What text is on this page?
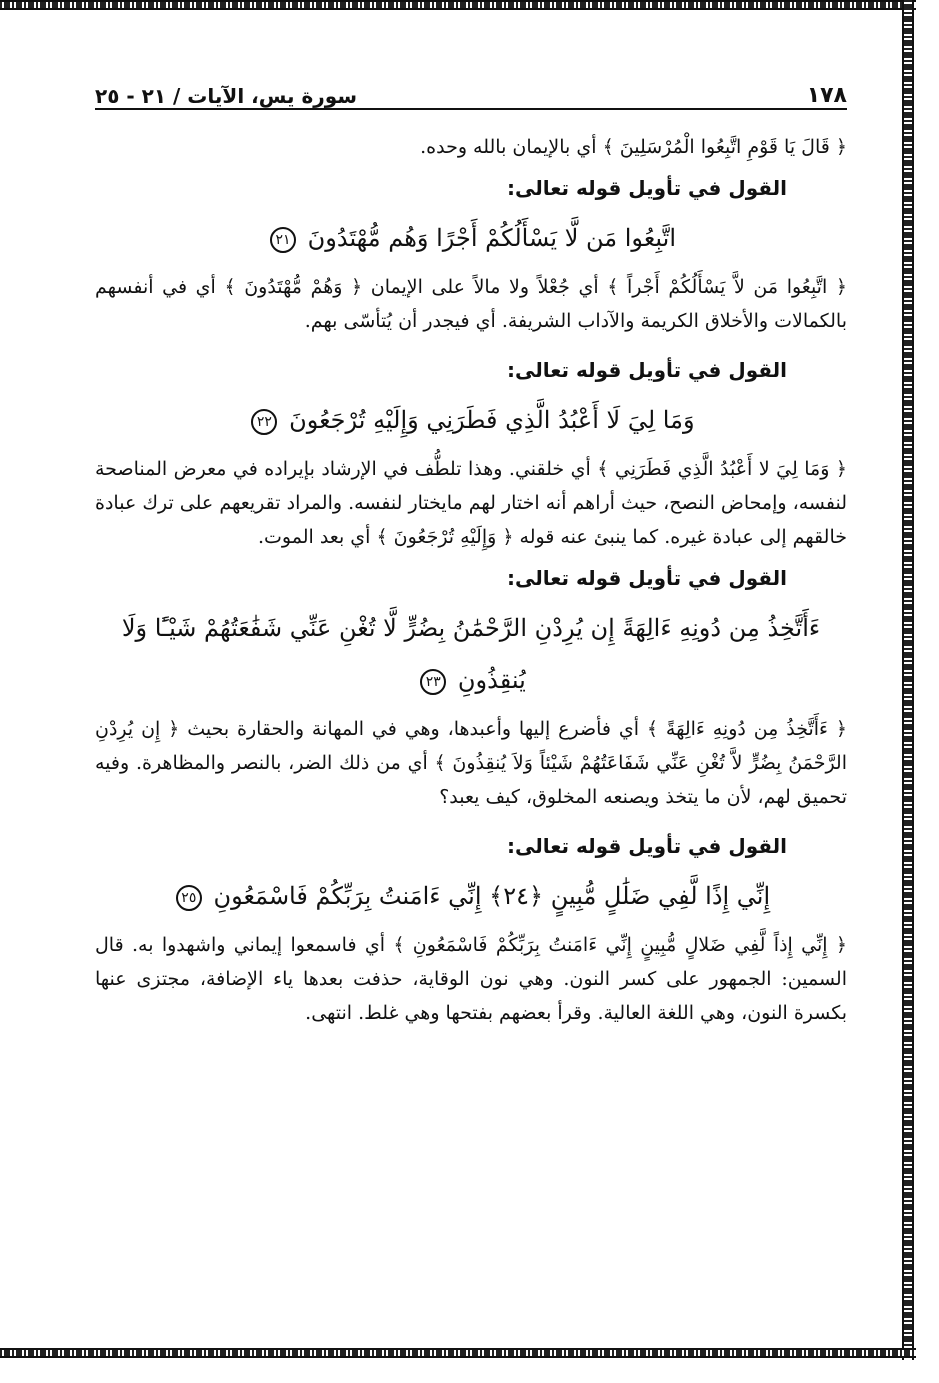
١٧٨
سورة يس، الآيات / ٢١ - ٢٥

﴿ قَالَ يَا قَوْمِ اتَّبِعُوا الْمُرْسَلِينَ ﴾ أي بالإيمان بالله وحده.

القول في تأويل قوله تعالى:
اتَّبِعُوا مَن لَّا يَسْأَلُكُمْ أَجْرًا وَهُم مُّهْتَدُونَ ٢١

﴿ اتَّبِعُوا مَن لاَّ يَسْأَلُكُمْ أَجْراً ﴾ أي جُعْلاً ولا مالاً على الإيمان ﴿ وَهُمْ مُّهْتَدُونَ ﴾ أي في أنفسهم بالكمالات والأخلاق الكريمة والآداب الشريفة. أي فيجدر أن يُتأسّى بهم.

القول في تأويل قوله تعالى:
وَمَا لِيَ لَا أَعْبُدُ الَّذِي فَطَرَنِي وَإِلَيْهِ تُرْجَعُونَ ٢٢

﴿ وَمَا لِيَ لا أَعْبُدُ الَّذِي فَطَرَنِي ﴾ أي خلقني. وهذا تلطُّف في الإرشاد بإيراده في معرض المناصحة لنفسه، وإمحاض النصح، حيث أراهم أنه اختار لهم مايختار لنفسه. والمراد تقريعهم على ترك عبادة خالقهم إلى عبادة غيره. كما ينبئ عنه قوله ﴿ وَإِلَيْهِ تُرْجَعُونَ ﴾ أي بعد الموت.

القول في تأويل قوله تعالى:
ءَأَتَّخِذُ مِن دُونِهِ ءَالِهَةً إِن يُرِدْنِ الرَّحْمَٰنُ بِضُرٍّ لَّا تُغْنِ عَنِّي شَفَٰعَتُهُمْ شَيْـًٔا وَلَا يُنقِذُونِ ٢٣

﴿ ءَأَتَّخِذُ مِن دُونِهِ ءَالِهَةً ﴾ أي فأضرع إليها وأعبدها، وهي في المهانة والحقارة بحيث ﴿ إِن يُرِدْنِ الرَّحْمَنُ بِضُرٍّ لاَّ تُغْنِ عَنِّي شَفَاعَتُهُمْ شَيْئاً وَلاَ يُنقِذُونَ ﴾ أي من ذلك الضر، بالنصر والمظاهرة. وفيه تحميق لهم، لأن ما يتخذ ويصنعه المخلوق، كيف يعبد؟

القول في تأويل قوله تعالى:
إِنِّي إِذًا لَّفِي ضَلَٰلٍ مُّبِينٍ ﴿٢٤﴾ إِنِّي ءَامَنتُ بِرَبِّكُمْ فَاسْمَعُونِ ٢٥

﴿ إِنِّي إِذاً لَّفِي ضَلالٍ مُّبِينٍ إِنِّي ءَامَنتُ بِرَبِّكُمْ فَاسْمَعُونِ ﴾ أي فاسمعوا إيماني واشهدوا به. قال السمين: الجمهور على كسر النون. وهي نون الوقاية، حذفت بعدها ياء الإضافة، مجتزى عنها بكسرة النون، وهي اللغة العالية. وقرأ بعضهم بفتحها وهي غلط. انتهى.
